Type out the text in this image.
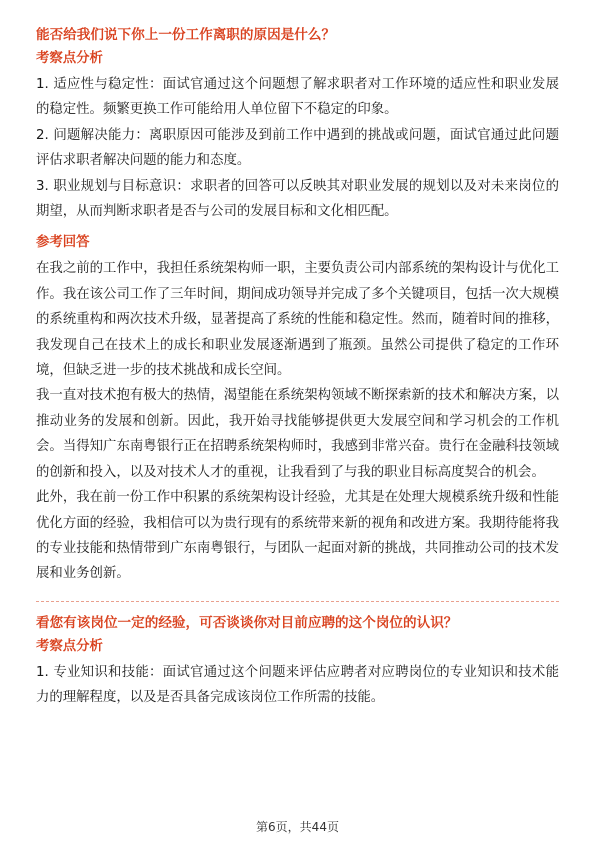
能否给我们说下你上一份工作离职的原因是什么？

考察点分析

1. 适应性与稳定性：面试官通过这个问题想了解求职者对工作环境的适应性和职业发展的稳定性。频繁更换工作可能给用人单位留下不稳定的印象。

2. 问题解决能力：离职原因可能涉及到前工作中遇到的挑战或问题，面试官通过此问题评估求职者解决问题的能力和态度。

3. 职业规划与目标意识：求职者的回答可以反映其对职业发展的规划以及对未来岗位的期望，从而判断求职者是否与公司的发展目标和文化相匹配。

参考回答

在我之前的工作中，我担任系统架构师一职，主要负责公司内部系统的架构设计与优化工作。我在该公司工作了三年时间，期间成功领导并完成了多个关键项目，包括一次大规模的系统重构和两次技术升级，显著提高了系统的性能和稳定性。然而，随着时间的推移，我发现自己在技术上的成长和职业发展逐渐遇到了瓶颈。虽然公司提供了稳定的工作环境，但缺乏进一步的技术挑战和成长空间。

我一直对技术抱有极大的热情，渴望能在系统架构领域不断探索新的技术和解决方案，以推动业务的发展和创新。因此，我开始寻找能够提供更大发展空间和学习机会的工作机会。当得知广东南粤银行正在招聘系统架构师时，我感到非常兴奋。贵行在金融科技领域的创新和投入，以及对技术人才的重视，让我看到了与我的职业目标高度契合的机会。

此外，我在前一份工作中积累的系统架构设计经验，尤其是在处理大规模系统升级和性能优化方面的经验，我相信可以为贵行现有的系统带来新的视角和改进方案。我期待能将我的专业技能和热情带到广东南粤银行，与团队一起面对新的挑战，共同推动公司的技术发展和业务创新。

看您有该岗位一定的经验，可否谈谈你对目前应聘的这个岗位的认识？

考察点分析

1. 专业知识和技能：面试官通过这个问题来评估应聘者对应聘岗位的专业知识和技术能力的理解程度，以及是否具备完成该岗位工作所需的技能。

第6页，共44页
